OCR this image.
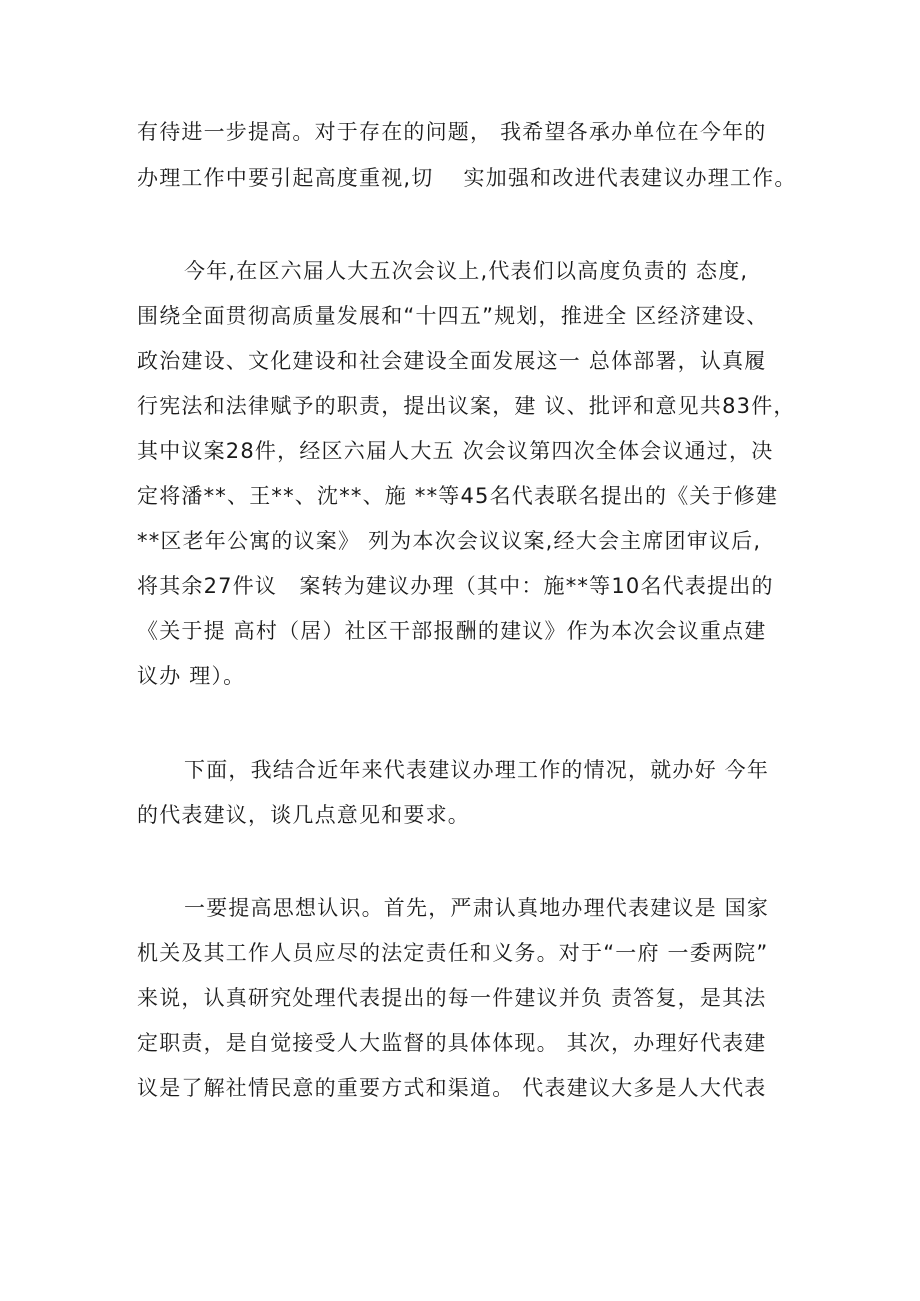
有待进一步提高。对于存在的问题， 我希望各承办单位在今年的
办理工作中要引起高度重视,切　 实加强和改进代表建议办理工作。
今年,在区六届人大五次会议上,代表们以高度负责的 态度,
围绕全面贯彻高质量发展和“十四五”规划，推进全 区经济建设、
政治建设、文化建设和社会建设全面发展这一 总体部署，认真履
行宪法和法律赋予的职责，提出议案，建 议、批评和意见共83件，
其中议案28件，经区六届人大五 次会议第四次全体会议通过，决
定将潘**、王**、沈**、施 **等45名代表联名提出的《关于修建
**区老年公寓的议案》 列为本次会议议案,经大会主席团审议后,
将其余27件议　案转为建议办理（其中：施**等10名代表提出的
《关于提 高村（居）社区干部报酬的建议》作为本次会议重点建
议办 理）。
下面，我结合近年来代表建议办理工作的情况，就办好 今年
的代表建议，谈几点意见和要求。
一要提高思想认识。首先，严肃认真地办理代表建议是 国家
机关及其工作人员应尽的法定责任和义务。对于“一府 一委两院”
来说，认真研究处理代表提出的每一件建议并负 责答复，是其法
定职责，是自觉接受人大监督的具体体现。 其次，办理好代表建
议是了解社情民意的重要方式和渠道。 代表建议大多是人大代表
